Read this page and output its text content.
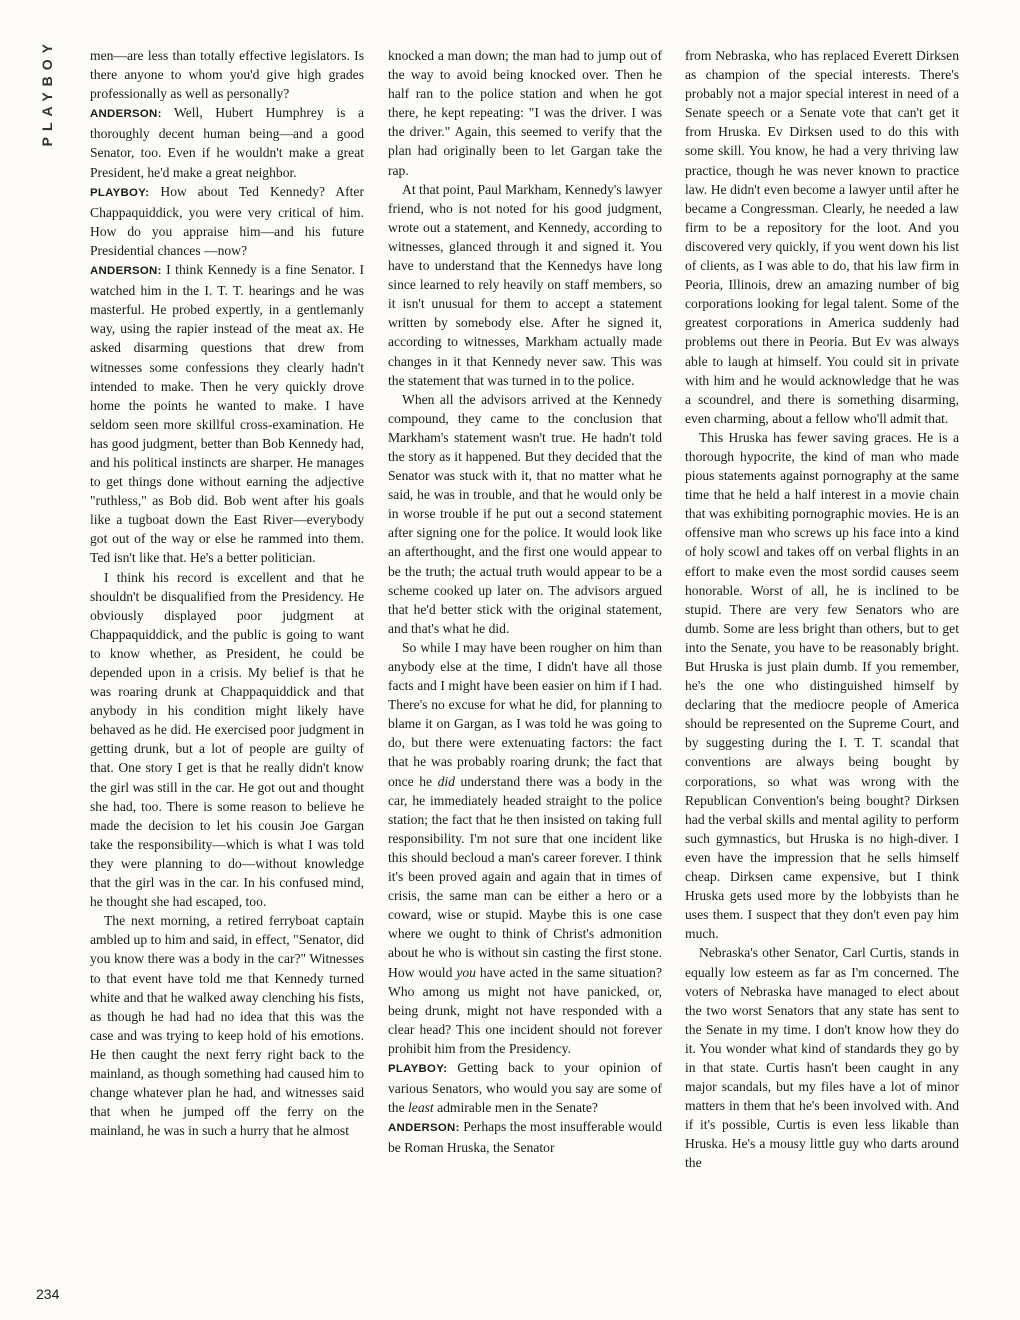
PLAYBOY	men—are less than totally effective legislators. Is there anyone to whom you'd give high grades professionally as well as personally?

ANDERSON: Well, Hubert Humphrey is a thoroughly decent human being—and a good Senator, too. Even if he wouldn't make a great President, he'd make a great neighbor.

PLAYBOY: How about Ted Kennedy? After Chappaquiddick, you were very critical of him. How do you appraise him—and his future Presidential chances —now?

ANDERSON: I think Kennedy is a fine Senator. I watched him in the I. T. T. hearings and he was masterful. He probed expertly, in a gentlemanly way, using the rapier instead of the meat ax. He asked disarming questions that drew from witnesses some confessions they clearly hadn't intended to make. Then he very quickly drove home the points he wanted to make. I have seldom seen more skillful cross-examination. He has good judgment, better than Bob Kennedy had, and his political instincts are sharper. He manages to get things done without earning the adjective "ruthless," as Bob did. Bob went after his goals like a tugboat down the East River—everybody got out of the way or else he rammed into them. Ted isn't like that. He's a better politician.

I think his record is excellent and that he shouldn't be disqualified from the Presidency. He obviously displayed poor judgment at Chappaquiddick, and the public is going to want to know whether, as President, he could be depended upon in a crisis. My belief is that he was roaring drunk at Chappaquiddick and that anybody in his condition might likely have behaved as he did. He exercised poor judgment in getting drunk, but a lot of people are guilty of that. One story I get is that he really didn't know the girl was still in the car. He got out and thought she had, too. There is some reason to believe he made the decision to let his cousin Joe Gargan take the responsibility—which is what I was told they were planning to do—without knowledge that the girl was in the car. In his confused mind, he thought she had escaped, too.

The next morning, a retired ferryboat captain ambled up to him and said, in effect, "Senator, did you know there was a body in the car?" Witnesses to that event have told me that Kennedy turned white and that he walked away clenching his fists, as though he had had no idea that this was the case and was trying to keep hold of his emotions. He then caught the next ferry right back to the mainland, as though something had caused him to change whatever plan he had, and witnesses said that when he jumped off the ferry on the mainland, he was in such a hurry that he almost

knocked a man down; the man had to jump out of the way to avoid being knocked over. Then he half ran to the police station and when he got there, he kept repeating: "I was the driver. I was the driver." Again, this seemed to verify that the plan had originally been to let Gargan take the rap.

At that point, Paul Markham, Kennedy's lawyer friend, who is not noted for his good judgment, wrote out a statement, and Kennedy, according to witnesses, glanced through it and signed it. You have to understand that the Kennedys have long since learned to rely heavily on staff members, so it isn't unusual for them to accept a statement written by somebody else. After he signed it, according to witnesses, Markham actually made changes in it that Kennedy never saw. This was the statement that was turned in to the police.

When all the advisors arrived at the Kennedy compound, they came to the conclusion that Markham's statement wasn't true. He hadn't told the story as it happened. But they decided that the Senator was stuck with it, that no matter what he said, he was in trouble, and that he would only be in worse trouble if he put out a second statement after signing one for the police. It would look like an afterthought, and the first one would appear to be the truth; the actual truth would appear to be a scheme cooked up later on. The advisors argued that he'd better stick with the original statement, and that's what he did.

So while I may have been rougher on him than anybody else at the time, I didn't have all those facts and I might have been easier on him if I had. There's no excuse for what he did, for planning to blame it on Gargan, as I was told he was going to do, but there were extenuating factors: the fact that he was probably roaring drunk; the fact that once he did understand there was a body in the car, he immediately headed straight to the police station; the fact that he then insisted on taking full responsibility. I'm not sure that one incident like this should becloud a man's career forever. I think it's been proved again and again that in times of crisis, the same man can be either a hero or a coward, wise or stupid. Maybe this is one case where we ought to think of Christ's admonition about he who is without sin casting the first stone. How would you have acted in the same situation? Who among us might not have panicked, or, being drunk, might not have responded with a clear head? This one incident should not forever prohibit him from the Presidency.

PLAYBOY: Getting back to your opinion of various Senators, who would you say are some of the least admirable men in the Senate?

ANDERSON: Perhaps the most insufferable would be Roman Hruska, the Senator

from Nebraska, who has replaced Everett Dirksen as champion of the special interests. There's probably not a major special interest in need of a Senate speech or a Senate vote that can't get it from Hruska. Ev Dirksen used to do this with some skill. You know, he had a very thriving law practice, though he was never known to practice law. He didn't even become a lawyer until after he became a Congressman. Clearly, he needed a law firm to be a repository for the loot. And you discovered very quickly, if you went down his list of clients, as I was able to do, that his law firm in Peoria, Illinois, drew an amazing number of big corporations looking for legal talent. Some of the greatest corporations in America suddenly had problems out there in Peoria. But Ev was always able to laugh at himself. You could sit in private with him and he would acknowledge that he was a scoundrel, and there is something disarming, even charming, about a fellow who'll admit that.

This Hruska has fewer saving graces. He is a thorough hypocrite, the kind of man who made pious statements against pornography at the same time that he held a half interest in a movie chain that was exhibiting pornographic movies. He is an offensive man who screws up his face into a kind of holy scowl and takes off on verbal flights in an effort to make even the most sordid causes seem honorable. Worst of all, he is inclined to be stupid. There are very few Senators who are dumb. Some are less bright than others, but to get into the Senate, you have to be reasonably bright. But Hruska is just plain dumb. If you remember, he's the one who distinguished himself by declaring that the mediocre people of America should be represented on the Supreme Court, and by suggesting during the I. T. T. scandal that conventions are always being bought by corporations, so what was wrong with the Republican Convention's being bought? Dirksen had the verbal skills and mental agility to perform such gymnastics, but Hruska is no high-diver. I even have the impression that he sells himself cheap. Dirksen came expensive, but I think Hruska gets used more by the lobbyists than he uses them. I suspect that they don't even pay him much.

Nebraska's other Senator, Carl Curtis, stands in equally low esteem as far as I'm concerned. The voters of Nebraska have managed to elect about the two worst Senators that any state has sent to the Senate in my time. I don't know how they do it. You wonder what kind of standards they go by in that state. Curtis hasn't been caught in any major scandals, but my files have a lot of minor matters in them that he's been involved with. And if it's possible, Curtis is even less likable than Hruska. He's a mousy little guy who darts around the

234
